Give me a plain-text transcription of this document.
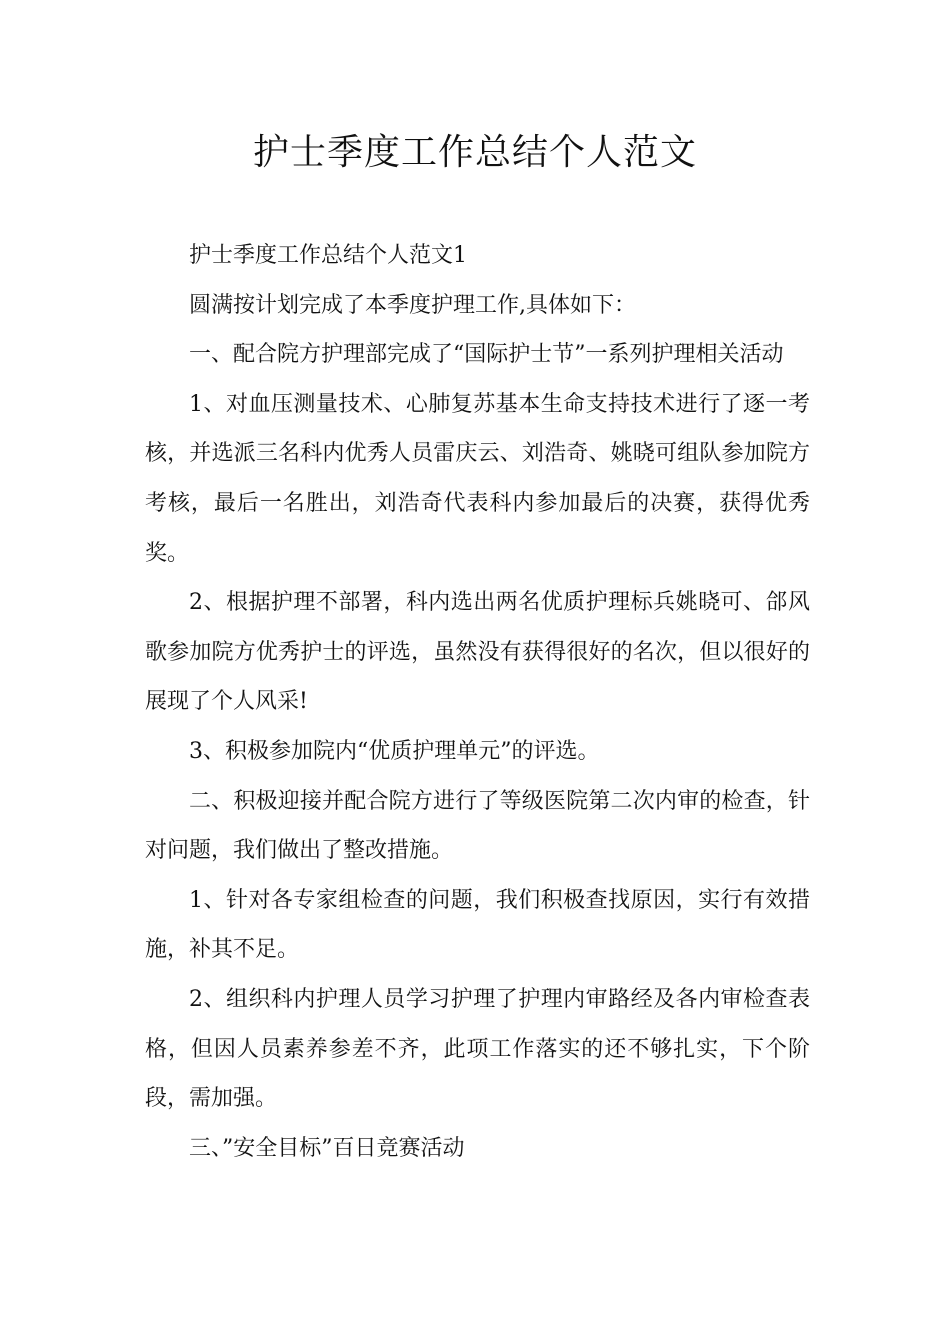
护士季度工作总结个人范文

护士季度工作总结个人范文1

圆满按计划完成了本季度护理工作,具体如下：

一、配合院方护理部完成了“国际护士节”一系列护理相关活动

1、对血压测量技术、心肺复苏基本生命支持技术进行了逐一考核，并选派三名科内优秀人员雷庆云、刘浩奇、姚晓可组队参加院方考核，最后一名胜出，刘浩奇代表科内参加最后的决赛，获得优秀奖。

2、根据护理不部署，科内选出两名优质护理标兵姚晓可、郃风歌参加院方优秀护士的评选，虽然没有获得很好的名次，但以很好的展现了个人风采!

3、积极参加院内“优质护理单元”的评选。

二、积极迎接并配合院方进行了等级医院第二次内审的检查，针对问题，我们做出了整改措施。

1、针对各专家组检查的问题，我们积极查找原因，实行有效措施，补其不足。

2、组织科内护理人员学习护理了护理内审路经及各内审检查表格，但因人员素养参差不齐，此项工作落实的还不够扎实，下个阶段，需加强。

三、”安全目标”百日竞赛活动
